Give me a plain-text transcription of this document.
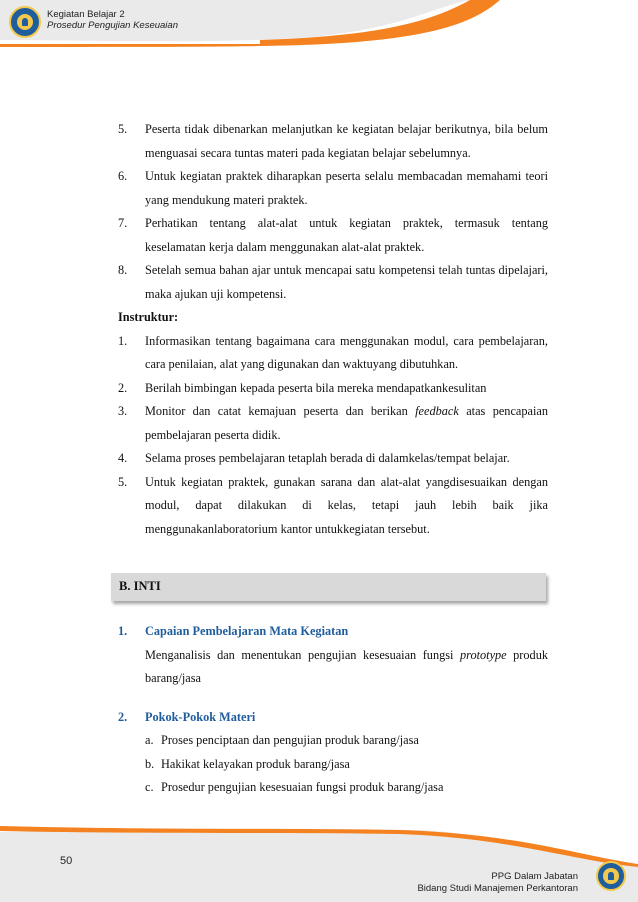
Kegiatan Belajar 2
Prosedur Pengujian Keseuaian
5. Peserta tidak dibenarkan melanjutkan ke kegiatan belajar berikutnya, bila belum menguasai secara tuntas materi pada kegiatan belajar sebelumnya.
6. Untuk kegiatan praktek diharapkan peserta selalu membacadan memahami teori yang mendukung materi praktek.
7. Perhatikan tentang alat-alat untuk kegiatan praktek, termasuk tentang keselamatan kerja dalam menggunakan alat-alat praktek.
8. Setelah semua bahan ajar untuk mencapai satu kompetensi telah tuntas dipelajari, maka ajukan uji kompetensi.
Instruktur:
1. Informasikan tentang bagaimana cara menggunakan modul, cara pembelajaran, cara penilaian, alat yang digunakan dan waktuyang dibutuhkan.
2. Berilah bimbingan kepada peserta bila mereka mendapatkankesulitan
3. Monitor dan catat kemajuan peserta dan berikan feedback atas pencapaian pembelajaran peserta didik.
4. Selama proses pembelajaran tetaplah berada di dalamkelas/tempat belajar.
5. Untuk kegiatan praktek, gunakan sarana dan alat-alat yangdisesuaikan dengan modul, dapat dilakukan di kelas, tetapi jauh lebih baik jika menggunakanlaboratorium kantor untukkegiatan tersebut.
B. INTI
1. Capaian Pembelajaran Mata Kegiatan
Menganalisis dan menentukan pengujian kesesuaian fungsi prototype produk barang/jasa
2. Pokok-Pokok Materi
a. Proses penciptaan dan pengujian produk barang/jasa
b. Hakikat kelayakan produk barang/jasa
c. Prosedur pengujian kesesuaian fungsi produk barang/jasa
50
PPG Dalam Jabatan
Bidang Studi Manajemen Perkantoran
